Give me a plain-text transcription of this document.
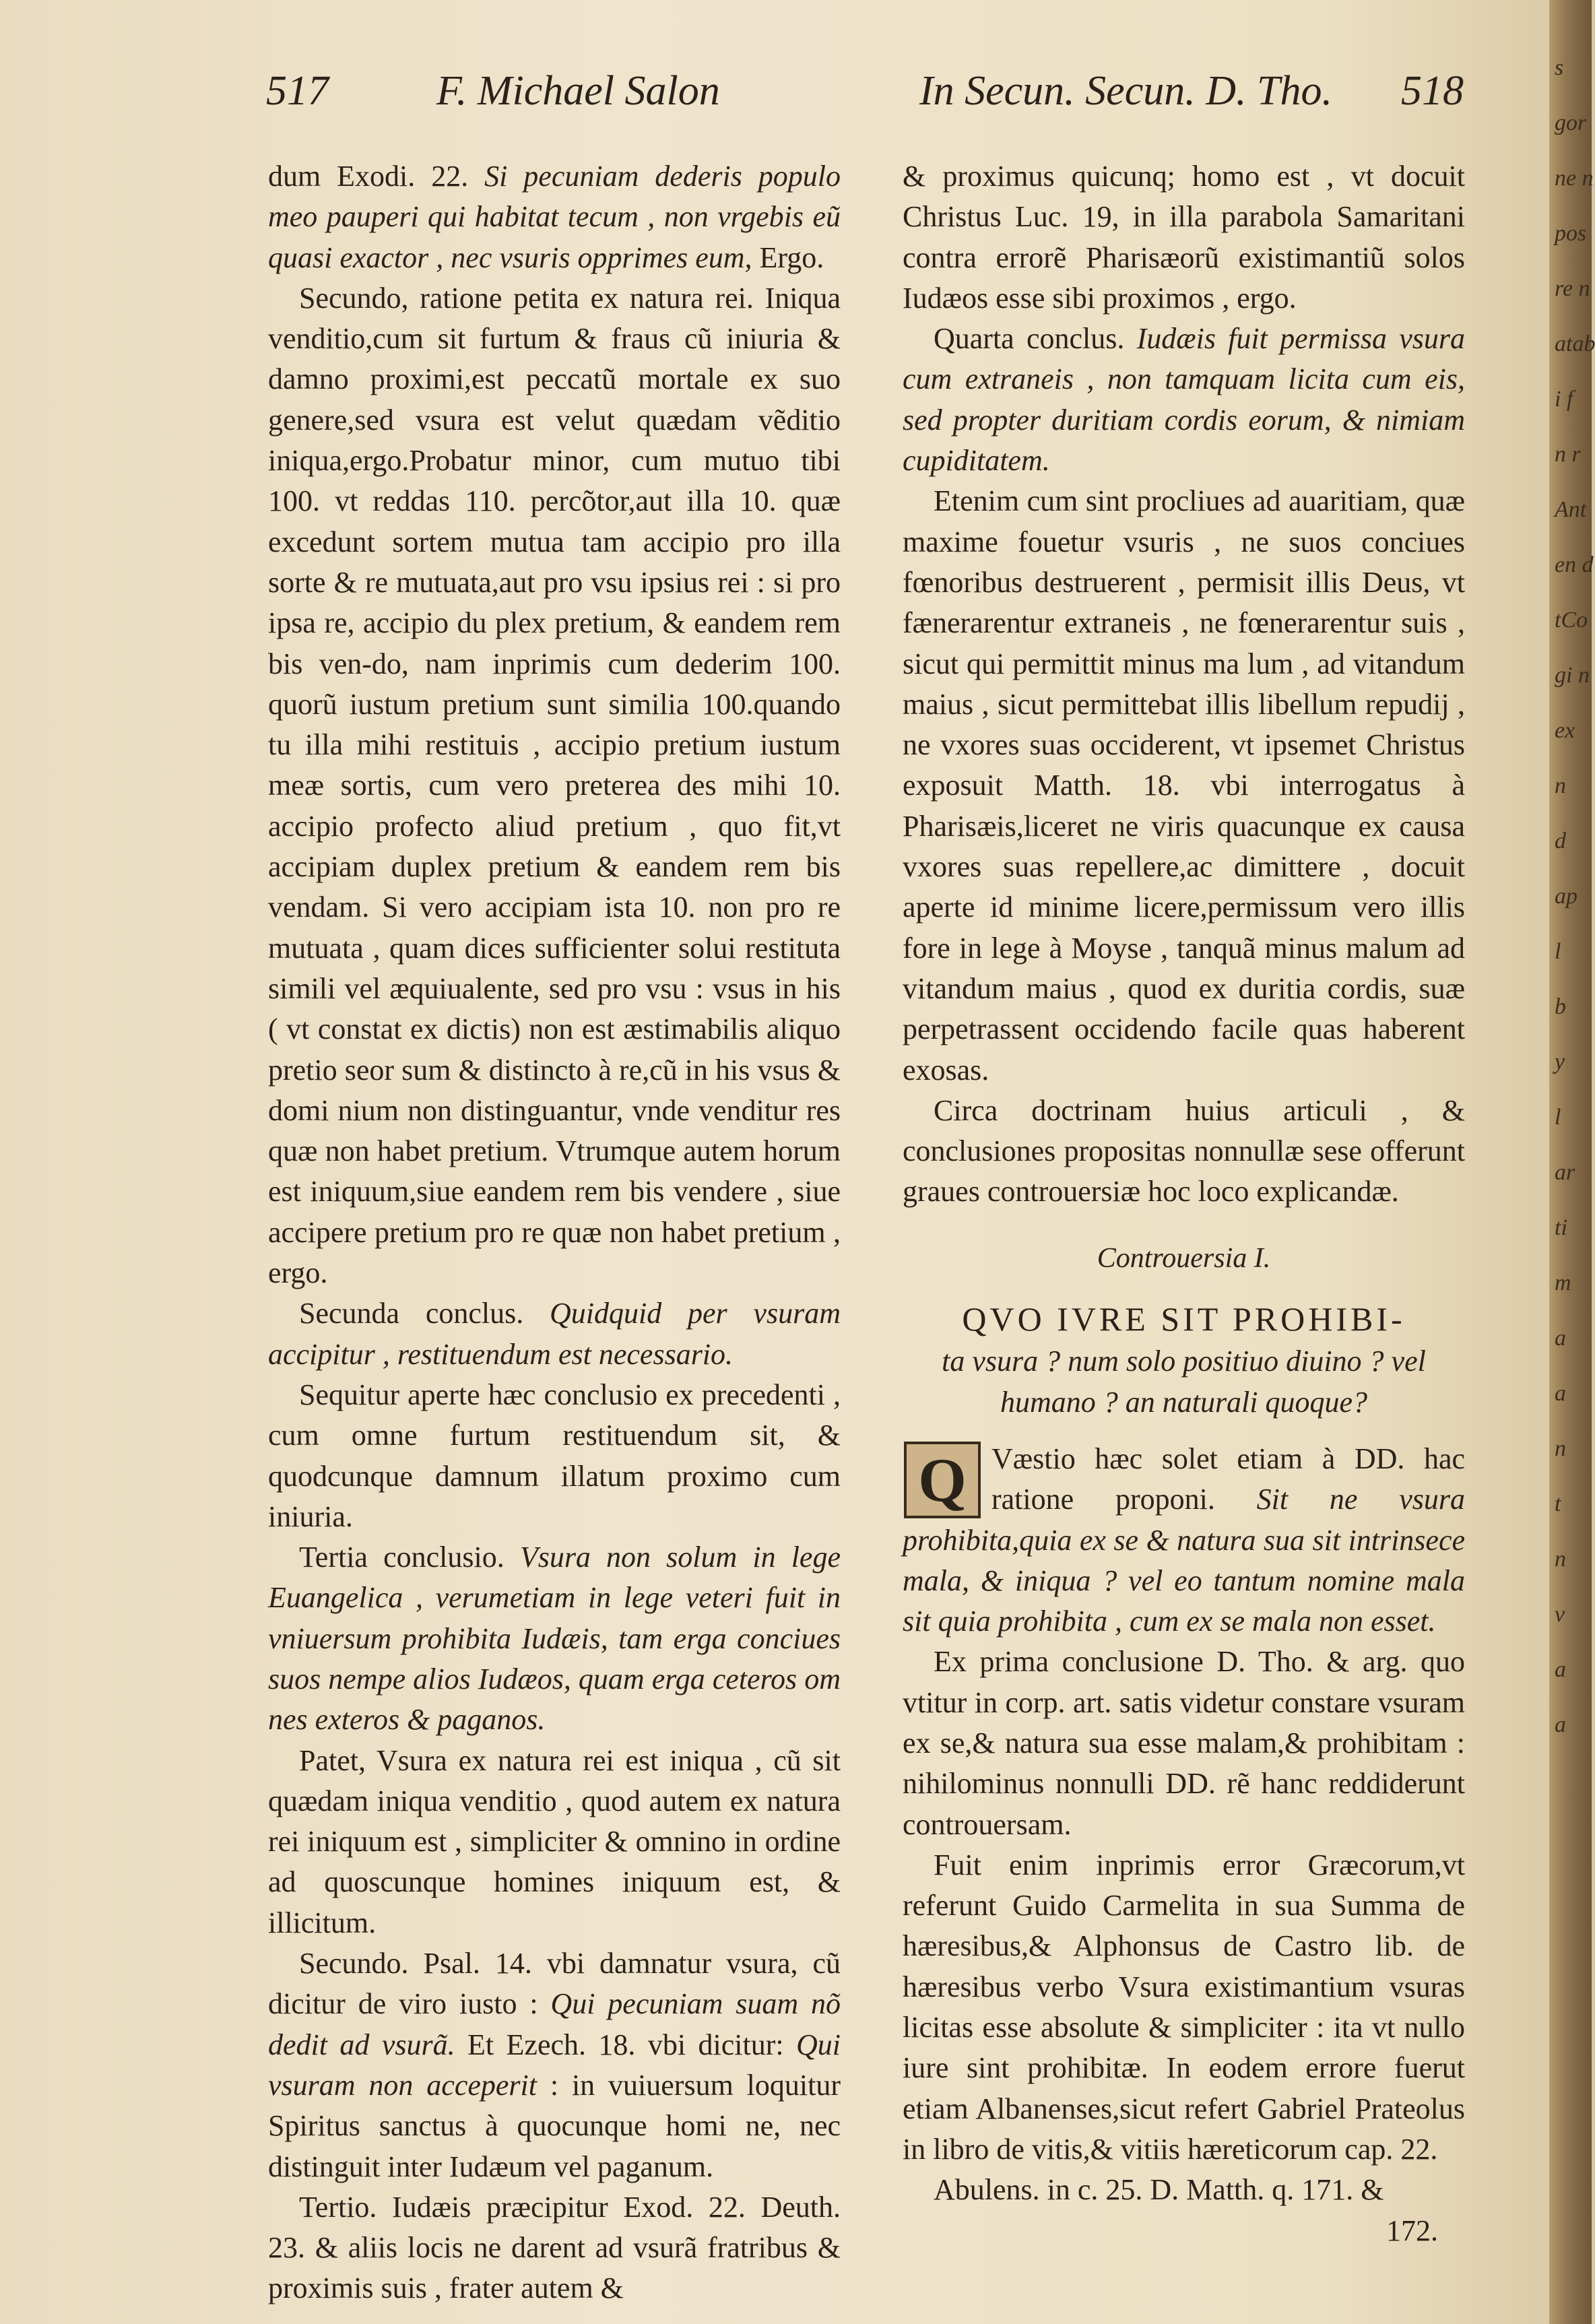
517	F. Michael Salon	In Secun. Secun. D. Tho. 518

dum Exodi. 22. Si pecuniam dederis populo meo pauperi qui habitat tecum , non vrgebis eũ quasi exactor , nec vsuris opprimes eum, Ergo.

Secundo, ratione petita ex natura rei. Iniqua venditio,cum sit furtum & fraus cũ iniuria & damno proximi,est peccatũ mortale ex suo genere,sed vsura est velut quædam vẽditio iniqua,ergo.Probatur minor, cum mutuo tibi 100. vt reddas 110. percõtor,aut illa 10. quæ excedunt sortem mutua tam accipio pro illa sorte & re mutuata,aut pro vsu ipsius rei : si pro ipsa re, accipio du plex pretium, & eandem rem bis ven-do, nam inprimis cum dederim 100. quorũ iustum pretium sunt similia 100.quando tu illa mihi restituis , accipio pretium iustum meæ sortis, cum vero preterea des mihi 10. accipio profecto aliud pretium , quo fit,vt accipiam duplex pretium & eandem rem bis vendam. Si vero accipiam ista 10. non pro re mutuata , quam dices sufficienter solui restituta simili vel æquiualente, sed pro vsu : vsus in his ( vt constat ex dictis) non est æstimabilis aliquo pretio seor sum & distincto à re,cũ in his vsus & domi nium non distinguantur, vnde venditur res quæ non habet pretium. Vtrumque autem horum est iniquum,siue eandem rem bis vendere , siue accipere pretium pro re quæ non habet pretium , ergo.

Secunda conclus. Quidquid per vsuram accipitur , restituendum est necessario.

Sequitur aperte hæc conclusio ex precedenti , cum omne furtum restituendum sit, & quodcunque damnum illatum proximo cum iniuria.

Tertia conclusio. Vsura non solum in lege Euangelica , verumetiam in lege veteri fuit in vniuersum prohibita Iudæis, tam erga conciues suos nempe alios Iudæos, quam erga ceteros om nes exteros & paganos.

Patet, Vsura ex natura rei est iniqua , cũ sit quædam iniqua venditio , quod autem ex natura rei iniquum est , simpliciter & omnino in ordine ad quoscunque homines iniquum est, & illicitum.

Secundo. Psal. 14. vbi damnatur vsura, cũ dicitur de viro iusto : Qui pecuniam suam nõ dedit ad vsurã. Et Ezech. 18. vbi dicitur: Qui vsuram non acceperit : in vuiuersum loquitur Spiritus sanctus à quocunque homi ne, nec distinguit inter Iudæum vel paganum.

Tertio. Iudæis præcipitur Exod. 22. Deuth. 23. & aliis locis ne darent ad vsurã fratribus & proximis suis , frater autem &

& proximus quicunq; homo est , vt docuit Christus Luc. 19, in illa parabola Samaritani contra errorẽ Pharisæorũ existimantiũ solos Iudæos esse sibi proximos , ergo.

Quarta conclus. Iudæis fuit permissa vsura cum extraneis , non tamquam licita cum eis, sed propter duritiam cordis eorum, & nimiam cupiditatem.

Etenim cum sint procliues ad auaritiam, quæ maxime fouetur vsuris , ne suos conciues fœnoribus destruerent , permisit illis Deus, vt fænerarentur extraneis , ne fœnerarentur suis , sicut qui permittit minus ma lum , ad vitandum maius , sicut permittebat illis libellum repudij , ne vxores suas occiderent, vt ipsemet Christus exposuit Matth. 18. vbi interrogatus à Pharisæis,liceret ne viris quacunque ex causa vxores suas repellere,ac dimittere , docuit aperte id minime licere,permissum vero illis fore in lege à Moyse , tanquã minus malum ad vitandum maius , quod ex duritia cordis, suæ perpetrassent occidendo facile quas haberent exosas.

Circa doctrinam huius articuli , & conclusiones propositas nonnullæ sese offerunt graues controuersiæ hoc loco explicandæ.

Controuersia I.

QVO IVRE SIT PROHIBI-
ta vsura ? num solo positiuo diuino ? vel humano ? an naturali quoque?

Q Væstio hæc solet etiam à DD. hac ratione proponi. Sit ne vsura prohibita,quia ex se & natura sua sit intrinsece mala, & iniqua ? vel eo tantum nomine mala sit quia prohibita , cum ex se mala non esset.

Ex prima conclusione D. Tho. & arg. quo vtitur in corp. art. satis videtur constare vsuram ex se,& natura sua esse malam,& prohibitam : nihilominus nonnulli DD. rẽ hanc reddiderunt controuersam.

Fuit enim inprimis error Græcorum,vt referunt Guido Carmelita in sua Summa de hæresibus,& Alphonsus de Castro lib. de hæresibus verbo Vsura existimantium vsuras licitas esse absolute & simpliciter : ita vt nullo iure sint prohibitæ. In eodem errore fuerut etiam Albanenses,sicut refert Gabriel Prateolus in libro de vitis,& vitiis hæreticorum cap. 22.

Abulens. in c. 25. D. Matth. q. 171. &

172.

s
gor
ne n
pos
re n
atab
i f
n r
Ant
en d
tCo
gi n
ex
n
d
ap
l
b
y
l
ar
ti
m
a
a
n
t
n
v
a
a
